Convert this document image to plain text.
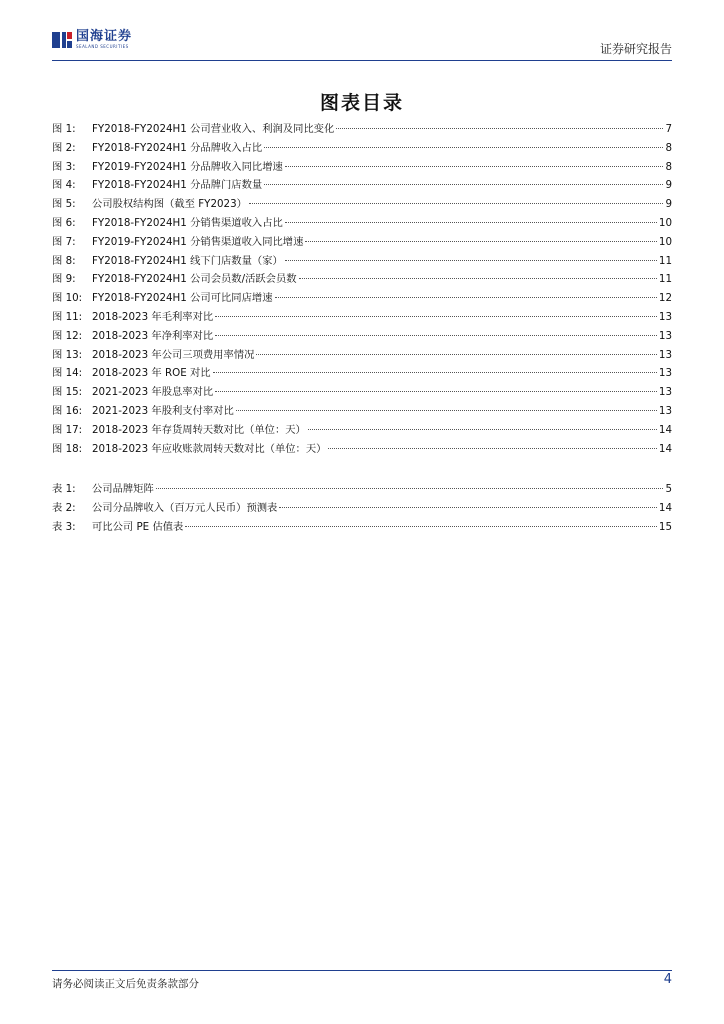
国海证券
SEALAND SECURITIES	证券研究报告
图表目录
图 1:	FY2018-FY2024H1 公司营业收入、利润及同比变化	7
图 2:	FY2018-FY2024H1 分品牌收入占比	8
图 3:	FY2019-FY2024H1 分品牌收入同比增速	8
图 4:	FY2018-FY2024H1 分品牌门店数量	9
图 5:	公司股权结构图（截至 FY2023）	9
图 6:	FY2018-FY2024H1 分销售渠道收入占比	10
图 7:	FY2019-FY2024H1 分销售渠道收入同比增速	10
图 8:	FY2018-FY2024H1 线下门店数量（家）	11
图 9:	FY2018-FY2024H1 公司会员数/活跃会员数	11
图 10: FY2018-FY2024H1 公司可比同店增速	12
图 11: 2018-2023 年毛利率对比	13
图 12: 2018-2023 年净利率对比	13
图 13: 2018-2023 年公司三项费用率情况	13
图 14: 2018-2023 年 ROE 对比	13
图 15: 2021-2023 年股息率对比	13
图 16: 2021-2023 年股利支付率对比	13
图 17: 2018-2023 年存货周转天数对比（单位：天）	14
图 18: 2018-2023 年应收账款周转天数对比（单位：天）	14
表 1:	公司品牌矩阵	5
表 2:	公司分品牌收入（百万元人民币）预测表	14
表 3:	可比公司 PE 估值表	15
请务必阅读正文后免责条款部分	4
